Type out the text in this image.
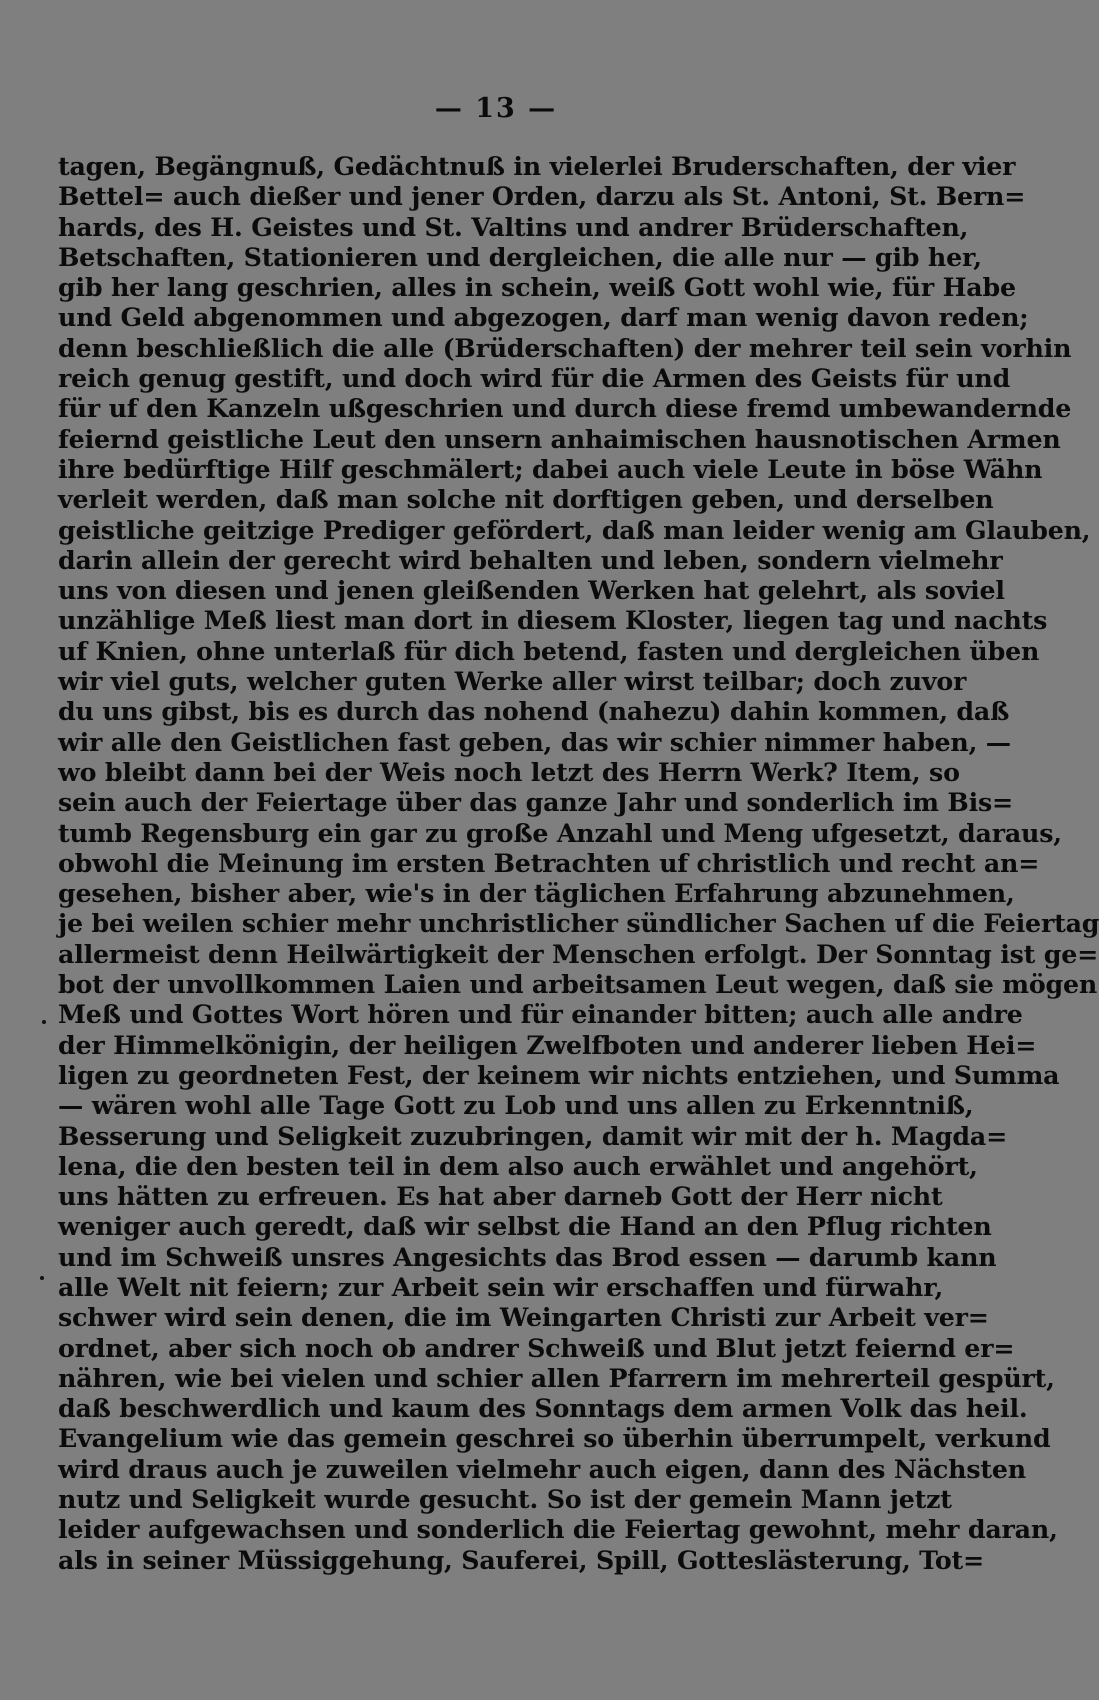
— 13 —
tagen, Begängnuß, Gedächtnuß in vielerlei Bruderschaften, der vier
Bettel= auch dießer und jener Orden, darzu als St. Antoni, St. Bern=
hards, des H. Geistes und St. Valtins und andrer Brüderschaften,
Betschaften, Stationieren und dergleichen, die alle nur — gib her,
gib her lang geschrien, alles in schein, weiß Gott wohl wie, für Habe
und Geld abgenommen und abgezogen, darf man wenig davon reden;
denn beschließlich die alle (Brüderschaften) der mehrer teil sein vorhin
reich genug gestift, und doch wird für die Armen des Geists für und
für uf den Kanzeln ußgeschrien und durch diese fremd umbewandernde
feiernd geistliche Leut den unsern anhaimischen hausnotischen Armen
ihre bedürftige Hilf geschmälert; dabei auch viele Leute in böse Wähn
verleit werden, daß man solche nit dorftigen geben, und derselben
geistliche geitzige Prediger gefördert, daß man leider wenig am Glauben,
darin allein der gerecht wird behalten und leben, sondern vielmehr
uns von diesen und jenen gleißenden Werken hat gelehrt, als soviel
unzählige Meß liest man dort in diesem Kloster, liegen tag und nachts
uf Knien, ohne unterlaß für dich betend, fasten und dergleichen üben
wir viel guts, welcher guten Werke aller wirst teilbar; doch zuvor
du uns gibst, bis es durch das nohend (nahezu) dahin kommen, daß
wir alle den Geistlichen fast geben, das wir schier nimmer haben, —
wo bleibt dann bei der Weis noch letzt des Herrn Werk? Item, so
sein auch der Feiertage über das ganze Jahr und sonderlich im Bis=
tumb Regensburg ein gar zu große Anzahl und Meng ufgesetzt, daraus,
obwohl die Meinung im ersten Betrachten uf christlich und recht an=
gesehen, bisher aber, wie's in der täglichen Erfahrung abzunehmen,
je bei weilen schier mehr unchristlicher sündlicher Sachen uf die Feiertag
allermeist denn Heilwärtigkeit der Menschen erfolgt. Der Sonntag ist ge=
bot der unvollkommen Laien und arbeitsamen Leut wegen, daß sie mögen
Meß und Gottes Wort hören und für einander bitten; auch alle andre
der Himmelkönigin, der heiligen Zwelfboten und anderer lieben Hei=
ligen zu geordneten Fest, der keinem wir nichts entziehen, und Summa
— wären wohl alle Tage Gott zu Lob und uns allen zu Erkenntniß,
Besserung und Seligkeit zuzubringen, damit wir mit der h. Magda=
lena, die den besten teil in dem also auch erwählet und angehört,
uns hätten zu erfreuen. Es hat aber darneb Gott der Herr nicht
weniger auch geredt, daß wir selbst die Hand an den Pflug richten
und im Schweiß unsres Angesichts das Brod essen — darumb kann
alle Welt nit feiern; zur Arbeit sein wir erschaffen und fürwahr,
schwer wird sein denen, die im Weingarten Christi zur Arbeit ver=
ordnet, aber sich noch ob andrer Schweiß und Blut jetzt feiernd er=
nähren, wie bei vielen und schier allen Pfarrern im mehrerteil gespürt,
daß beschwerdlich und kaum des Sonntags dem armen Volk das heil.
Evangelium wie das gemein geschrei so überhin überrumpelt, verkund
wird draus auch je zuweilen vielmehr auch eigen, dann des Nächsten
nutz und Seligkeit wurde gesucht. So ist der gemein Mann jetzt
leider aufgewachsen und sonderlich die Feiertag gewohnt, mehr daran,
als in seiner Müssiggehung, Sauferei, Spill, Gotteslästerung, Tot=
